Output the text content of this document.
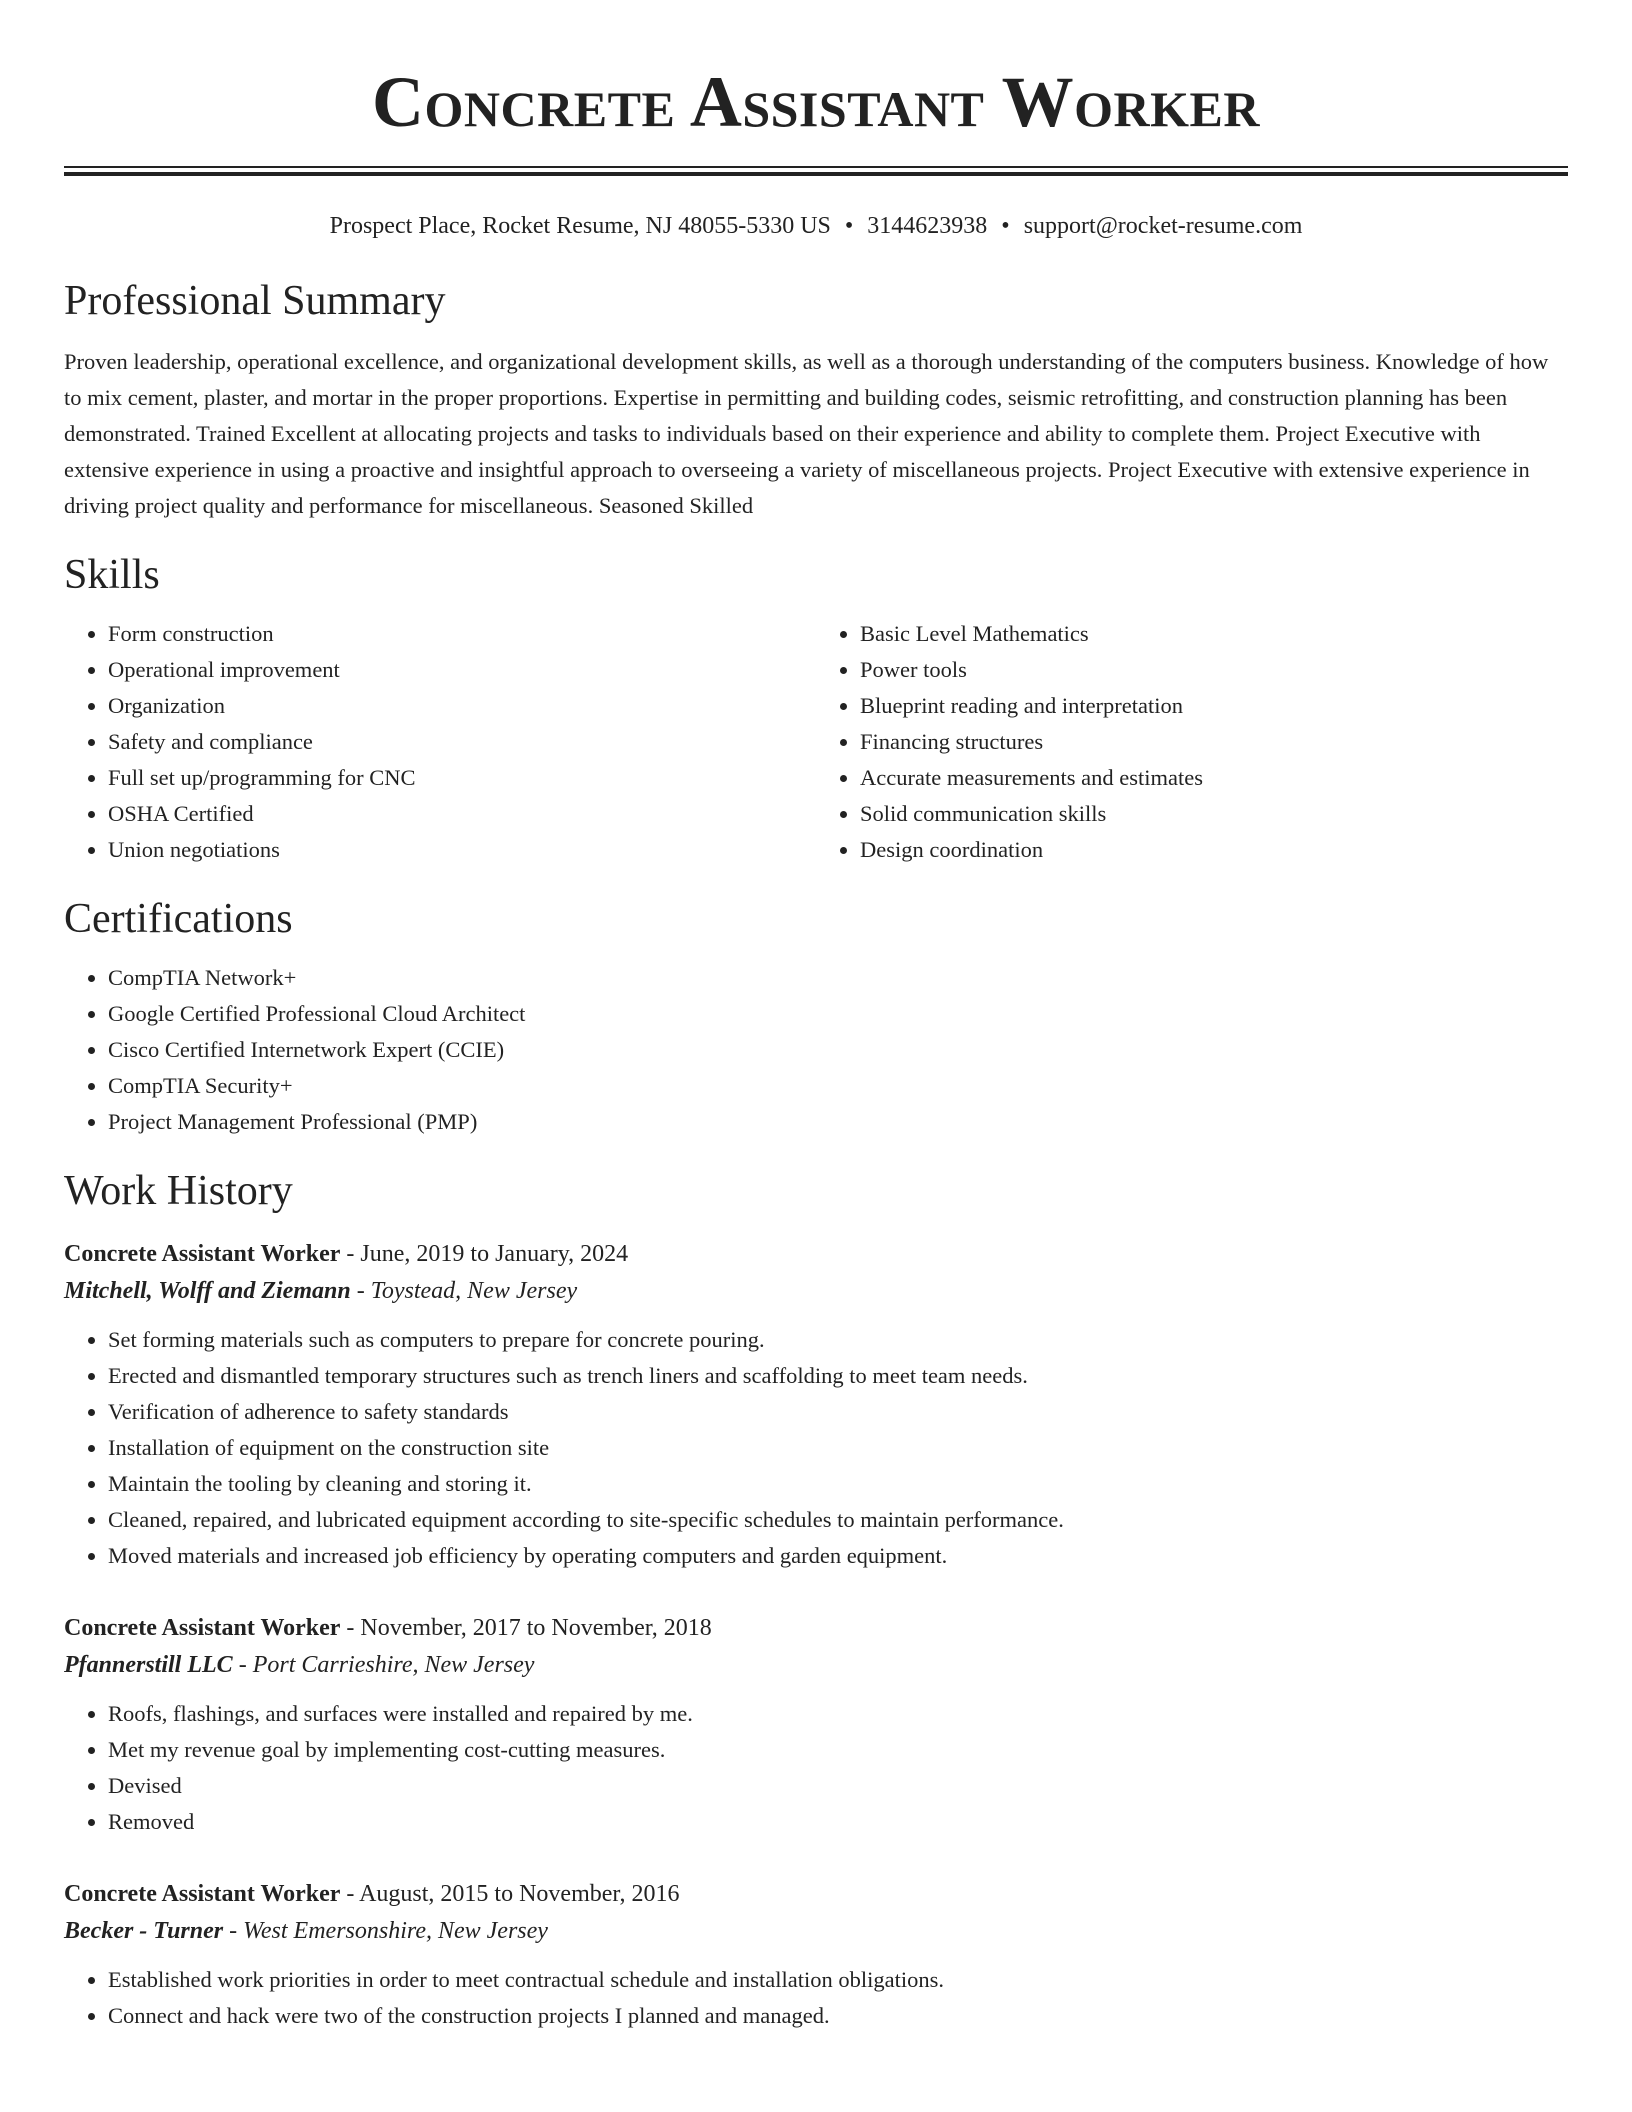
Concrete Assistant Worker
Prospect Place, Rocket Resume, NJ 48055-5330 US • 3144623938 • support@rocket-resume.com
Professional Summary

Proven leadership, operational excellence, and organizational development skills, as well as a thorough understanding of the computers business. Knowledge of how to mix cement, plaster, and mortar in the proper proportions. Expertise in permitting and building codes, seismic retrofitting, and construction planning has been demonstrated. Trained Excellent at allocating projects and tasks to individuals based on their experience and ability to complete them. Project Executive with extensive experience in using a proactive and insightful approach to overseeing a variety of miscellaneous projects. Project Executive with extensive experience in driving project quality and performance for miscellaneous. Seasoned Skilled

Skills
• Form construction
• Operational improvement
• Organization
• Safety and compliance
• Full set up/programming for CNC
• OSHA Certified
• Union negotiations
• Basic Level Mathematics
• Power tools
• Blueprint reading and interpretation
• Financing structures
• Accurate measurements and estimates
• Solid communication skills
• Design coordination
Certifications
• CompTIA Network+
• Google Certified Professional Cloud Architect
• Cisco Certified Internetwork Expert (CCIE)
• CompTIA Security+
• Project Management Professional (PMP)
Work History
Concrete Assistant Worker - June, 2019 to January, 2024
Mitchell, Wolff and Ziemann - Toystead, New Jersey
• Set forming materials such as computers to prepare for concrete pouring.
• Erected and dismantled temporary structures such as trench liners and scaffolding to meet team needs.
• Verification of adherence to safety standards
• Installation of equipment on the construction site
• Maintain the tooling by cleaning and storing it.
• Cleaned, repaired, and lubricated equipment according to site-specific schedules to maintain performance.
• Moved materials and increased job efficiency by operating computers and garden equipment.
Concrete Assistant Worker - November, 2017 to November, 2018
Pfannerstill LLC - Port Carrieshire, New Jersey
• Roofs, flashings, and surfaces were installed and repaired by me.
• Met my revenue goal by implementing cost-cutting measures.
• Devised
• Removed
Concrete Assistant Worker - August, 2015 to November, 2016
Becker - Turner - West Emersonshire, New Jersey
• Established work priorities in order to meet contractual schedule and installation obligations.
• Connect and hack were two of the construction projects I planned and managed.
